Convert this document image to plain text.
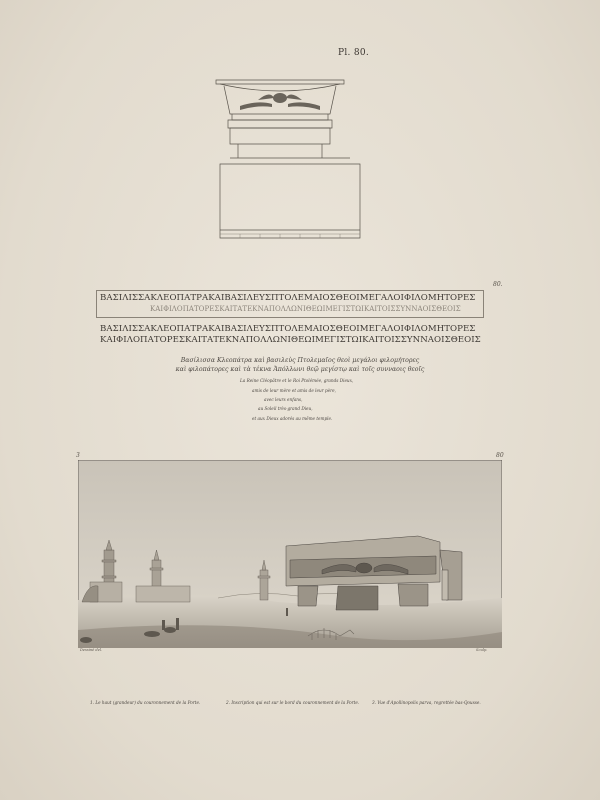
Pl. 80.
80.
ΒΑΣΙΛΙΣΣΑΚΛΕΟΠΑΤΡΑΚΑΙΒΑΣΙΛΕΥΣΠΤΟΛΕΜΑΙΟΣΘΕΟΙΜΕΓΑΛΟΙΦΙΛΟΜΗΤΟΡΕΣ
ΚΑΙΦΙΛΟΠΑΤΟΡΕΣΚΑΙΤΑΤΕΚΝΑΠΟΛΛΩΝΙΘΕΩΙΜΕΓΙΣΤΩΙΚΑΙΤΟΙΣΣΥΝΝΑΟΙΣΘΕΟΙΣ
ΒΑΣΙΛΙΣΣΑΚΛΕΟΠΑΤΡΑΚΑΙΒΑΣΙΛΕΥΣΠΤΟΛΕΜΑΙΟΣΘΕΟΙΜΕΓΑΛΟΙΦΙΛΟΜΗΤΟΡΕΣ
ΚΑΙΦΙΛΟΠΑΤΟΡΕΣΚΑΙΤΑΤΕΚΝΑΠΟΛΛΩΝΙΘΕΩΙΜΕΓΙΣΤΩΙΚΑΙΤΟΙΣΣΥΝΝΑΟΙΣΘΕΟΙΣ
Βασίλισσα Κλεοπάτρα καὶ βασιλεὺς Πτολεμαῖος θεοὶ μεγάλοι φιλομήτορες
καὶ φιλοπάτορες καὶ τὰ τέκνα Ἀπόλλωνι θεῷ μεγίστῳ καὶ τοῖς συνναοις θεοῖς
La Reine Cléopâtre et le Roi Ptolémée, grands Dieux,
amis de leur mère et amis de leur père,
avec leurs enfans,
au Soleil très-grand Dieu,
et aux Dieux adorés au même temple.
3	80
Dessiné del.	Sculp.
1. Le haut (grandeur) du couronnement de la Porte.	2. Inscription qui est sur le bord du couronnement de la Porte.	3. Vue d'Apollinopolis parva, regrettée bas-Qousse.
